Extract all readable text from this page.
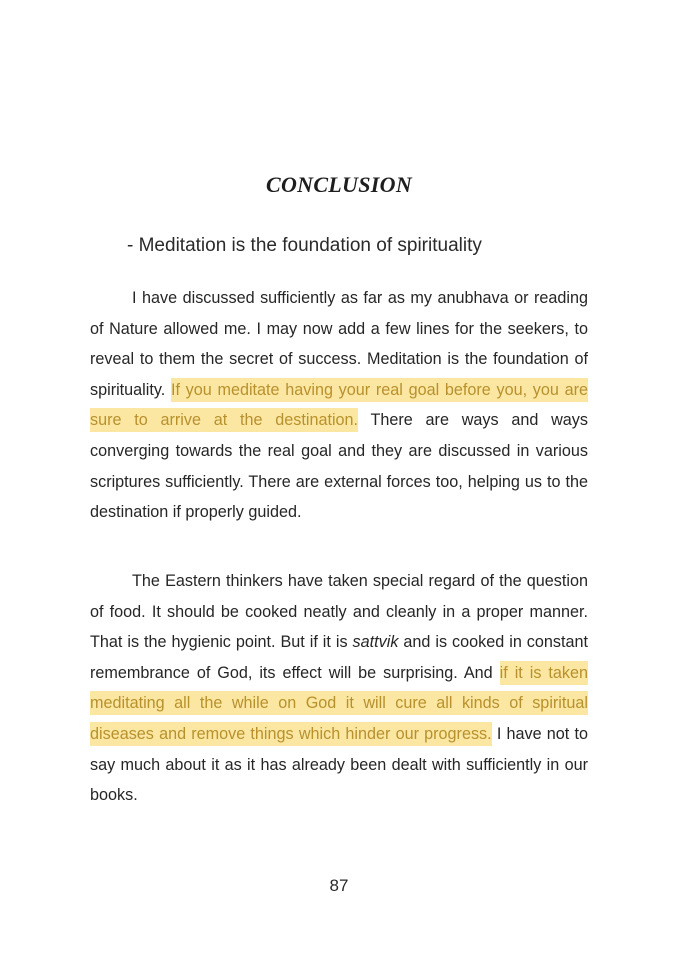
CONCLUSION
- Meditation is the foundation of spirituality

I have discussed sufficiently as far as my anubhava or reading of Nature allowed me. I may now add a few lines for the seekers, to reveal to them the secret of success. Meditation is the foundation of spirituality. If you meditate having your real goal before you, you are sure to arrive at the destination. There are ways and ways converging towards the real goal and they are discussed in various scriptures sufficiently. There are external forces too, helping us to the destination if properly guided.

The Eastern thinkers have taken special regard of the question of food. It should be cooked neatly and cleanly in a proper manner. That is the hygienic point. But if it is sattvik and is cooked in constant remembrance of God, its effect will be surprising. And if it is taken meditating all the while on God it will cure all kinds of spiritual diseases and remove things which hinder our progress. I have not to say much about it as it has already been dealt with sufficiently in our books.

87
